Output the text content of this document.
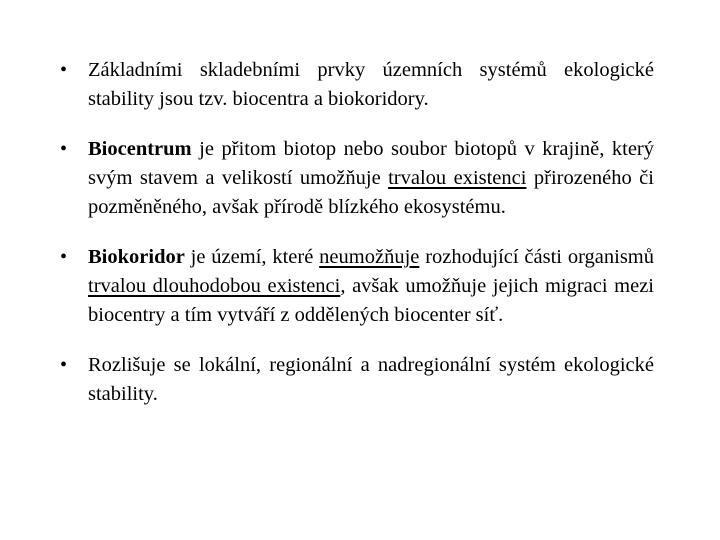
• Základními skladebními prvky územních systémů ekologické stability jsou tzv. biocentra a biokoridory.
• Biocentrum je přitom biotop nebo soubor biotopů v krajině, který svým stavem a velikostí umožňuje trvalou existenci přirozeného či pozměněného, avšak přírodě blízkého ekosystému.
• Biokoridor je území, které neumožňuje rozhodující části organismů trvalou dlouhodobou existenci, avšak umožňuje jejich migraci mezi biocentry a tím vytváří z oddělených biocenter síť.
• Rozlišuje se lokální, regionální a nadregionální systém ekologické stability.
